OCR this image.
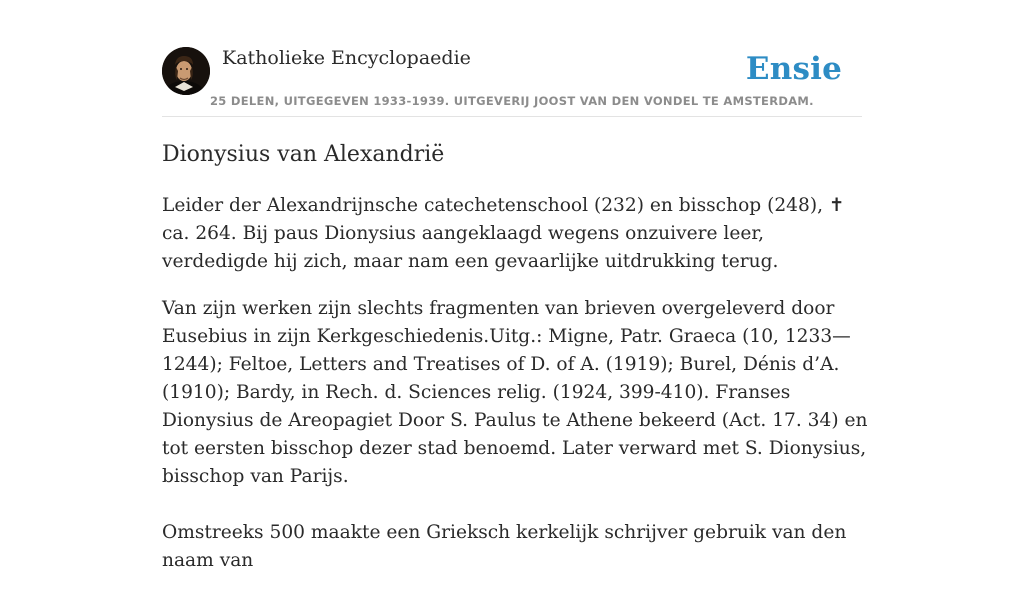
Katholieke Encyclopaedie	Ensie
25 DELEN, UITGEGEVEN 1933-1939. UITGEVERIJ JOOST VAN DEN VONDEL TE AMSTERDAM.
Dionysius van Alexandrië

Leider der Alexandrijnsche catechetenschool (232) en bisschop (248), ✝ ca. 264. Bij paus Dionysius aangeklaagd wegens onzuivere leer, verdedigde hij zich, maar nam een gevaarlijke uitdrukking terug.

Van zijn werken zijn slechts fragmenten van brieven overgeleverd door Eusebius in zijn Kerkgeschiedenis.Uitg.: Migne, Patr. Graeca (10, 1233—1244); Feltoe, Letters and Treatises of D. of A. (1919); Burel, Dénis d’A. (1910); Bardy, in Rech. d. Sciences relig. (1924, 399-410). Franses Dionysius de Areopagiet Door S. Paulus te Athene bekeerd (Act. 17. 34) en tot eersten bisschop dezer stad benoemd. Later verward met S. Dionysius, bisschop van Parijs.

Omstreeks 500 maakte een Grieksch kerkelijk schrijver gebruik van den naam van
